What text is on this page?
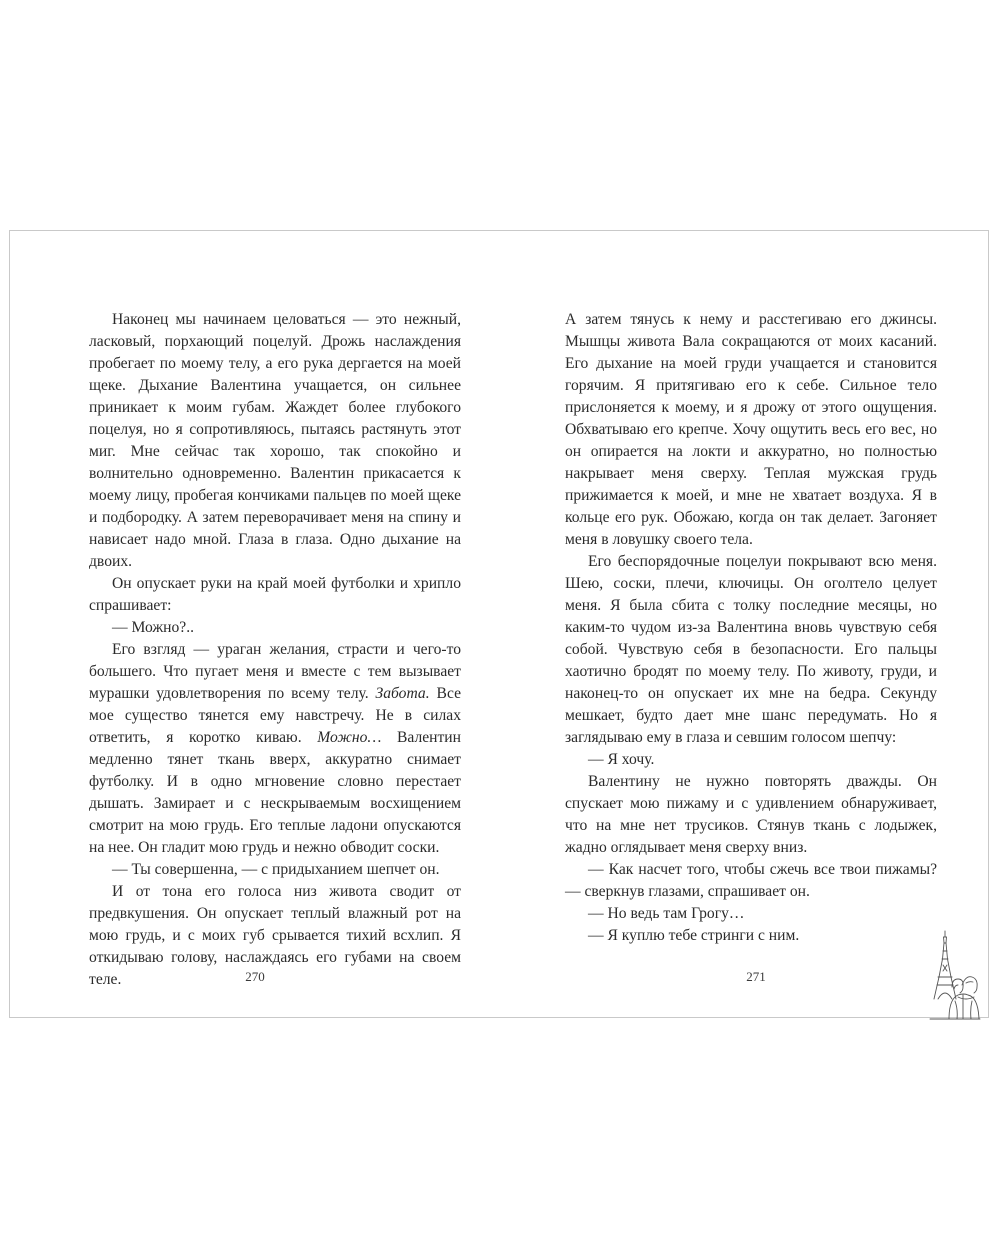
Наконец мы начинаем целоваться — это нежный, ласковый, порхающий поцелуй. Дрожь наслаждения пробегает по моему телу, а его рука дергается на моей щеке. Дыхание Валентина учащается, он сильнее приникает к моим губам. Жаждет более глубокого поцелуя, но я сопротивляюсь, пытаясь растянуть этот миг. Мне сейчас так хорошо, так спокойно и волнительно одновременно. Валентин прикасается к моему лицу, пробегая кончиками пальцев по моей щеке и подбородку. А затем переворачивает меня на спину и нависает надо мной. Глаза в глаза. Одно дыхание на двоих.

Он опускает руки на край моей футболки и хрипло спрашивает:

— Можно?..

Его взгляд — ураган желания, страсти и чего-то большего. Что пугает меня и вместе с тем вызывает мурашки удовлетворения по всему телу. Забота. Все мое существо тянется ему навстречу. Не в силах ответить, я коротко киваю. Можно… Валентин медленно тянет ткань вверх, аккуратно снимает футболку. И в одно мгновение словно перестает дышать. Замирает и с нескрываемым восхищением смотрит на мою грудь. Его теплые ладони опускаются на нее. Он гладит мою грудь и нежно обводит соски.

— Ты совершенна, — с придыханием шепчет он.

И от тона его голоса низ живота сводит от предвкушения. Он опускает теплый влажный рот на мою грудь, и с моих губ срывается тихий всхлип. Я откидываю голову, наслаждаясь его губами на своем теле.

А затем тянусь к нему и расстегиваю его джинсы. Мышцы живота Вала сокращаются от моих касаний. Его дыхание на моей груди учащается и становится горячим. Я притягиваю его к себе. Сильное тело прислоняется к моему, и я дрожу от этого ощущения. Обхватываю его крепче. Хочу ощутить весь его вес, но он опирается на локти и аккуратно, но полностью накрывает меня сверху. Теплая мужская грудь прижимается к моей, и мне не хватает воздуха. Я в кольце его рук. Обожаю, когда он так делает. Загоняет меня в ловушку своего тела.

Его беспорядочные поцелуи покрывают всю меня. Шею, соски, плечи, ключицы. Он оголтело целует меня. Я была сбита с толку последние месяцы, но каким-то чудом из-за Валентина вновь чувствую себя собой. Чувствую себя в безопасности. Его пальцы хаотично бродят по моему телу. По животу, груди, и наконец-то он опускает их мне на бедра. Секунду мешкает, будто дает мне шанс передумать. Но я заглядываю ему в глаза и севшим голосом шепчу:

— Я хочу.

Валентину не нужно повторять дважды. Он спускает мою пижаму и с удивлением обнаруживает, что на мне нет трусиков. Стянув ткань с лодыжек, жадно оглядывает меня сверху вниз.

— Как насчет того, чтобы сжечь все твои пижамы? — сверкнув глазами, спрашивает он.

— Но ведь там Грогу…

— Я куплю тебе стринги с ним.

270	271
